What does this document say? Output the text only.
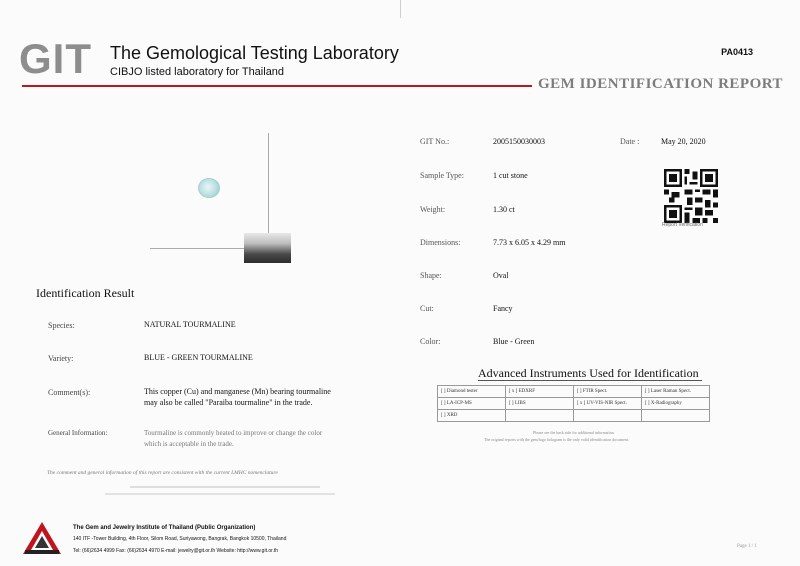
GIT The Gemological Testing Laboratory
CIBJO listed laboratory for Thailand
PA0413
GEM IDENTIFICATION REPORT
GIT No.:	2005150030003	Date :	May 20, 2020
Sample Type:	1 cut stone
Weight:	1.30 ct
Dimensions:	7.73 x 6.05 x 4.29 mm
Shape:	Oval
Cut:	Fancy
Color:	Blue - Green
Report Verification
Identification Result
Species:	NATURAL TOURMALINE
Variety:	BLUE - GREEN TOURMALINE
Comment(s):	This copper (Cu) and manganese (Mn) bearing tourmaline
may also be called "Paraiba tourmaline" in the trade.
General Information:	Tourmaline is commonly heated to improve or change the color
which is acceptable in the trade.
Advanced Instruments Used for Identification
[ ] Diamond tester	[ x ] EDXRF	[ ] FTIR Spect.	[ ] Laser Raman Spect.
[ ] LA-ICP-MS	[ ] LIBS	[ x ] UV-VIS-NIR Spect.	[ ] X-Radiography
[ ] XRD			
Please see the back side for additional information
The original reports with the gem/logo hologram is the only valid identification document.
The comment and general information of this report are consistent with the current LMHC nomenclature
The Gem and Jewelry Institute of Thailand (Public Organization)
140 ITF -Tower Building, 4th Floor, Silom Road, Suriyawong, Bangrak, Bangkok 10500, Thailand
Tel: (66)2634 4999 Fax: (66)2634 4970 E-mail: jewelry@git.or.th Website: http://www.git.or.th
Page 1 / 1
